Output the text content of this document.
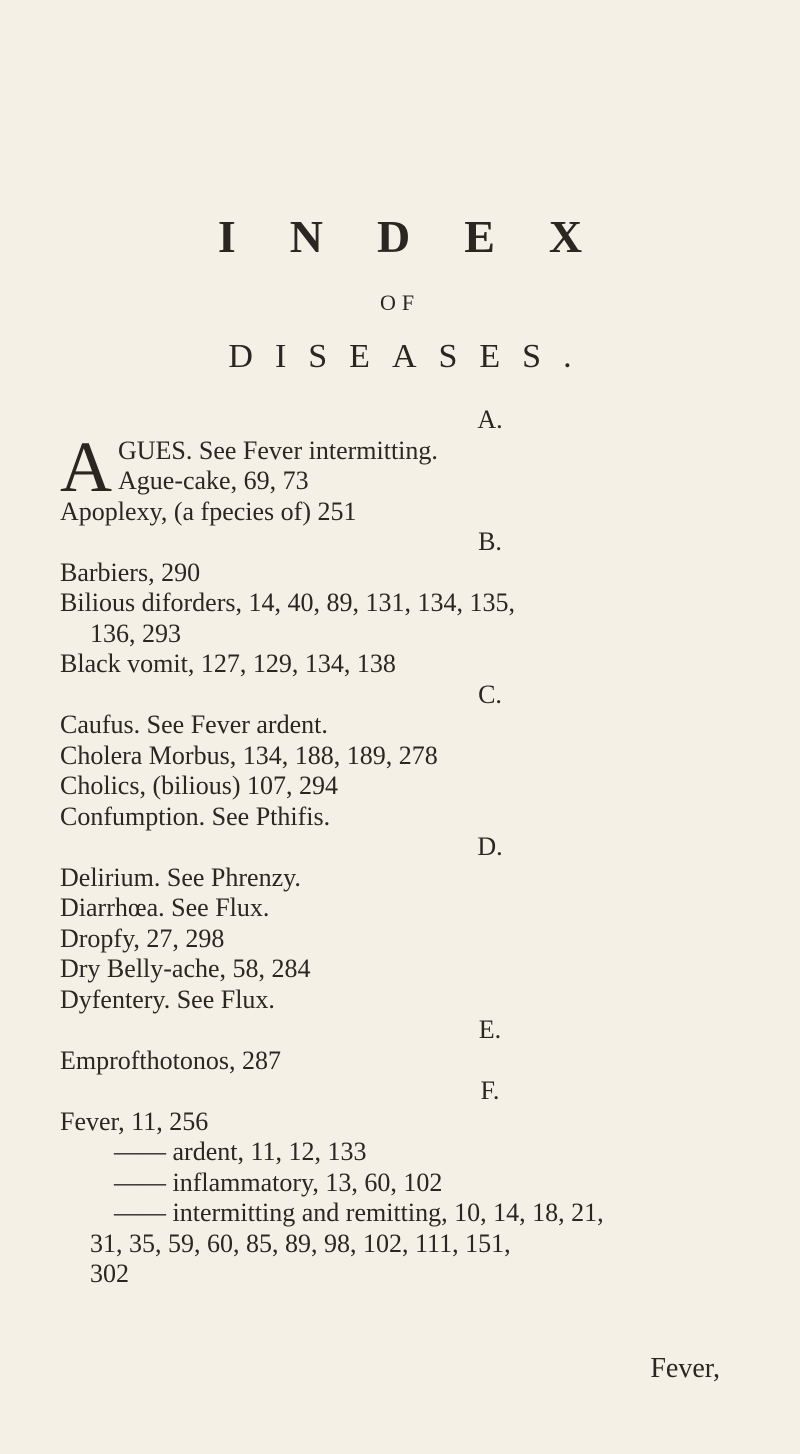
INDEX
OF
DISEASES.
A.
A GUES. See Fever intermitting.
Ague-cake, 69, 73
Apoplexy, (a fpecies of) 251
B.
Barbiers, 290
Bilious diforders, 14, 40, 89, 131, 134, 135,
136, 293
Black vomit, 127, 129, 134, 138
C.
Caufus. See Fever ardent.
Cholera Morbus, 134, 188, 189, 278
Cholics, (bilious) 107, 294
Confumption. See Pthifis.
D.
Delirium. See Phrenzy.
Diarrhœa. See Flux.
Dropfy, 27, 298
Dry Belly-ache, 58, 284
Dyfentery. See Flux.
E.
Emprofthotonos, 287
F.
Fever, 11, 256
—— ardent, 11, 12, 133
—— inflammatory, 13, 60, 102
—— intermitting and remitting, 10, 14, 18, 21,
31, 35, 59, 60, 85, 89, 98, 102, 111, 151,
302
Fever,
